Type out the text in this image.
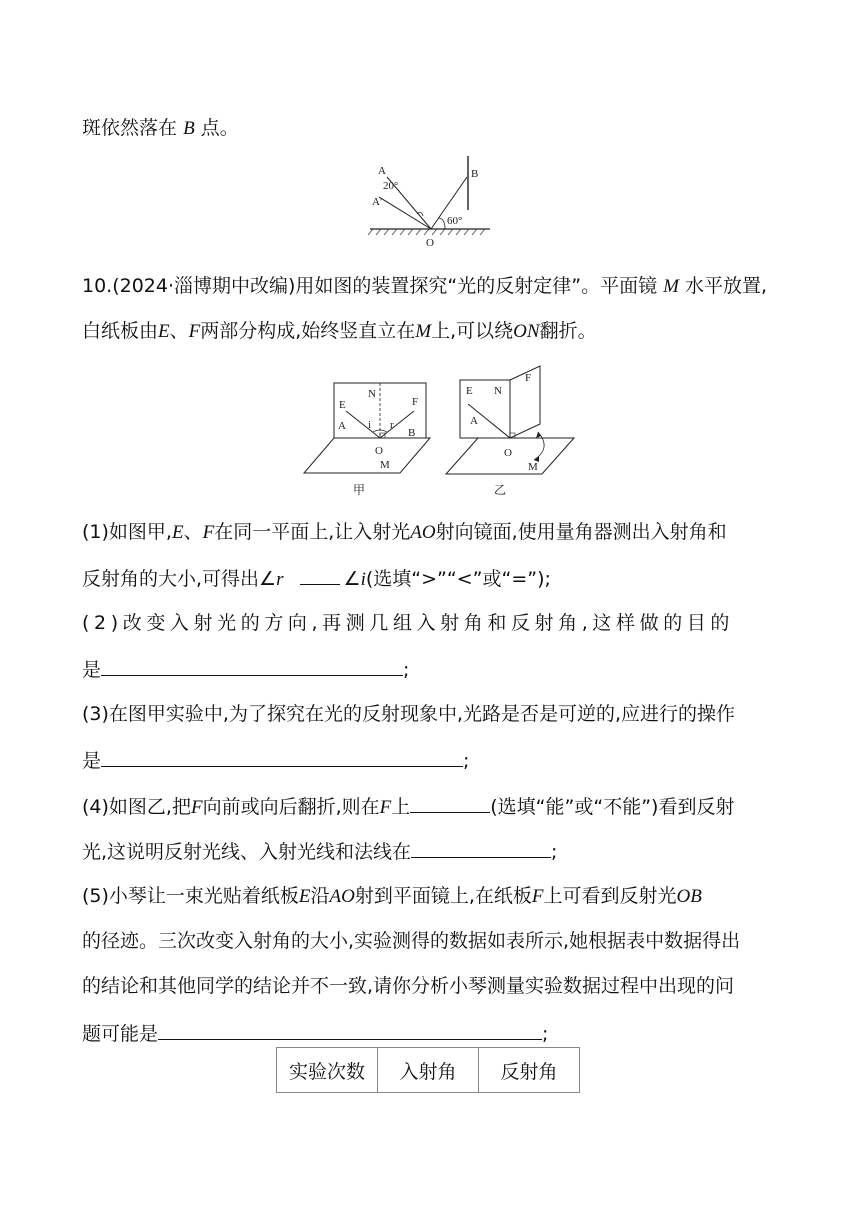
斑依然落在 B 点。
A
A′
B
O
20°
60°
10.(2024·淄博期中改编)用如图的装置探究“光的反射定律”。平面镜 M 水平放置,
白纸板由E、F两部分构成,始终竖直立在M上,可以绕ON翻折。
N
E	F
A i r
B
O
M
甲
E N
F
A
O
M
乙
(1)如图甲,E、F在同一平面上,让入射光AO射向镜面,使用量角器测出入射角和
反射角的大小,可得出∠r	∠i(选填“>”“<”或“=”);
(2)改变入射光的方向,再测几组入射角和反射角,这样做的目的
是	;
(3)在图甲实验中,为了探究在光的反射现象中,光路是否是可逆的,应进行的操作
是	;
(4)如图乙,把F向前或向后翻折,则在F上	(选填“能”或“不能”)看到反射
光,这说明反射光线、入射光线和法线在	;
(5)小琴让一束光贴着纸板E沿AO射到平面镜上,在纸板F上可看到反射光OB
的径迹。三次改变入射角的大小,实验测得的数据如表所示,她根据表中数据得出
的结论和其他同学的结论并不一致,请你分析小琴测量实验数据过程中出现的问
题可能是	;
实验次数	入射角	反射角
